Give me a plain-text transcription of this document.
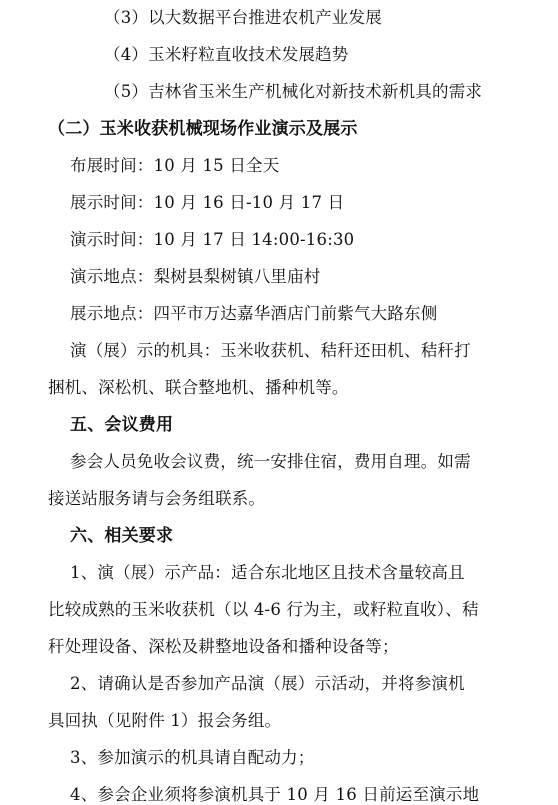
（3）以大数据平台推进农机产业发展
（4）玉米籽粒直收技术发展趋势
（5）吉林省玉米生产机械化对新技术新机具的需求
（二）玉米收获机械现场作业演示及展示
布展时间：10 月 15 日全天
展示时间：10 月 16 日-10 月 17 日
演示时间：10 月 17 日 14:00-16:30
演示地点：梨树县梨树镇八里庙村
展示地点：四平市万达嘉华酒店门前紫气大路东侧
演（展）示的机具：玉米收获机、秸秆还田机、秸秆打
捆机、深松机、联合整地机、播种机等。
五、会议费用
参会人员免收会议费，统一安排住宿，费用自理。如需
接送站服务请与会务组联系。
六、相关要求
1、演（展）示产品：适合东北地区且技术含量较高且
比较成熟的玉米收获机（以 4-6 行为主，或籽粒直收）、秸
秆处理设备、深松及耕整地设备和播种设备等；
2、请确认是否参加产品演（展）示活动，并将参演机
具回执（见附件 1）报会务组。
3、参加演示的机具请自配动力；
4、参会企业须将参演机具于 10 月 16 日前运至演示地
